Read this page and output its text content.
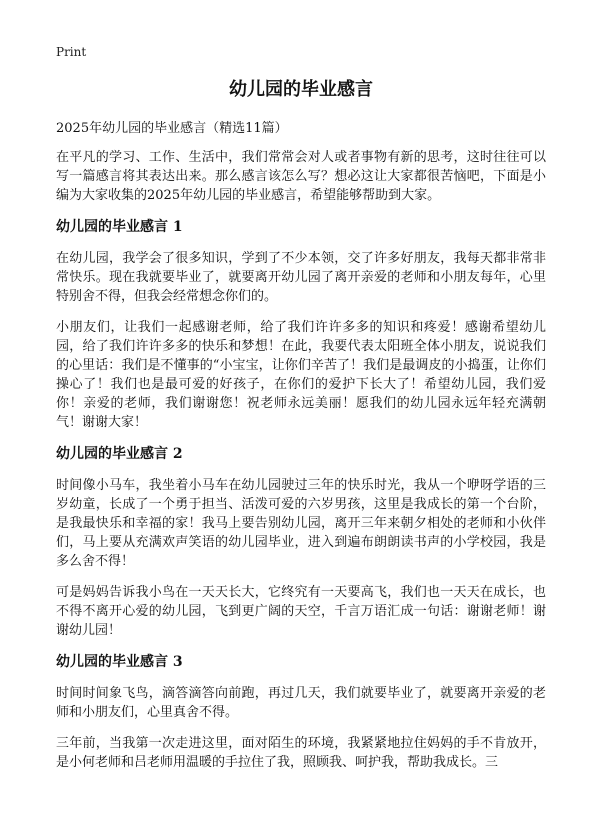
Print
幼儿园的毕业感言

2025年幼儿园的毕业感言（精选11篇）

在平凡的学习、工作、生活中，我们常常会对人或者事物有新的思考，这时往往可以写一篇感言将其表达出来。那么感言该怎么写？想必这让大家都很苦恼吧，下面是小编为大家收集的2025年幼儿园的毕业感言，希望能够帮助到大家。

幼儿园的毕业感言 1

在幼儿园，我学会了很多知识，学到了不少本领，交了许多好朋友，我每天都非常非常快乐。现在我就要毕业了，就要离开幼儿园了离开亲爱的老师和小朋友每年，心里特别舍不得，但我会经常想念你们的。

小朋友们，让我们一起感谢老师，给了我们许许多多的知识和疼爱！感谢希望幼儿园，给了我们许许多多的快乐和梦想！在此，我要代表太阳班全体小朋友，说说我们的心里话：我们是不懂事的“小宝宝，让你们辛苦了！我们是最调皮的小捣蛋，让你们操心了！我们也是最可爱的好孩子，在你们的爱护下长大了！希望幼儿园，我们爱你！亲爱的老师，我们谢谢您！祝老师永远美丽！愿我们的幼儿园永远年轻充满朝气！谢谢大家！

幼儿园的毕业感言 2

时间像小马车，我坐着小马车在幼儿园驶过三年的快乐时光，我从一个咿呀学语的三岁幼童，长成了一个勇于担当、活泼可爱的六岁男孩，这里是我成长的第一个台阶，是我最快乐和幸福的家！我马上要告别幼儿园，离开三年来朝夕相处的老师和小伙伴们，马上要从充满欢声笑语的幼儿园毕业，进入到遍布朗朗读书声的小学校园，我是多么舍不得！

可是妈妈告诉我小鸟在一天天长大，它终究有一天要高飞，我们也一天天在成长，也不得不离开心爱的幼儿园，飞到更广阔的天空，千言万语汇成一句话：谢谢老师！谢谢幼儿园！

幼儿园的毕业感言 3

时间时间象飞鸟，滴答滴答向前跑，再过几天，我们就要毕业了，就要离开亲爱的老师和小朋友们，心里真舍不得。

三年前，当我第一次走进这里，面对陌生的环境，我紧紧地拉住妈妈的手不肯放开，是小何老师和吕老师用温暖的手拉住了我，照顾我、呵护我，帮助我成长。三
